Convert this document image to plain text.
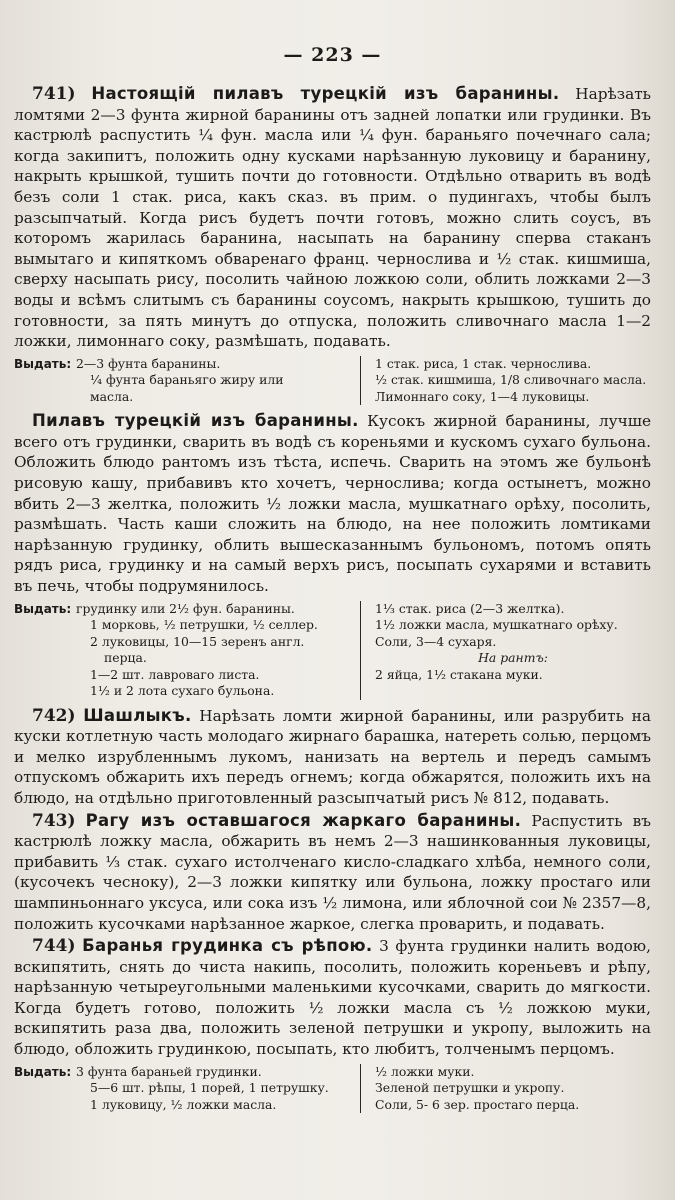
— 223 —

741) Настоящій пилавъ турецкій изъ баранины. Нарѣзать ломтями 2—3 фунта жирной баранины отъ задней лопатки или грудинки. Въ кастрюлѣ распустить ¼ фун. масла или ¼ фун. бараньяго почечнаго сала; когда закипитъ, положить одну кусками нарѣзанную луковицу и баранину, накрыть крышкой, тушить почти до готовности. Отдѣльно отварить въ водѣ безъ соли 1 стак. риса, какъ сказ. въ прим. о пудингахъ, чтобы былъ разсыпчатый. Когда рисъ будетъ почти готовъ, можно слить соусъ, въ которомъ жарилась баранина, насыпать на баранину сперва стаканъ вымытаго и кипяткомъ обваренаго франц. чернослива и ½ стак. кишмиша, сверху насыпать рису, посолить чайною ложкою соли, облить ложками 2—3 воды и всѣмъ слитымъ съ баранины соусомъ, накрыть крышкою, тушить до готовности, за пять минутъ до отпуска, положить сливочнаго масла 1—2 ложки, лимоннаго соку, размѣшать, подавать.

Выдать: 2—3 фунта баранины.
¼ фунта бараньяго жиру или
масла.
1 стак. риса, 1 стак. чернослива.
½ стак. кишмиша, 1/8 сливочнаго масла.
Лимоннаго соку, 1—4 луковицы.

Пилавъ турецкій изъ баранины. Кусокъ жирной баранины, лучше всего отъ грудинки, сварить въ водѣ съ кореньями и кускомъ сухаго бульона. Обложить блюдо рантомъ изъ тѣста, испечь. Сварить на этомъ же бульонѣ рисовую кашу, прибавивъ кто хочетъ, чернослива; когда остынетъ, можно вбить 2—3 желтка, положить ½ ложки масла, мушкатнаго орѣху, посолить, размѣшать. Часть каши сложить на блюдо, на нее положить ломтиками нарѣзанную грудинку, облить вышесказаннымъ бульономъ, потомъ опять рядъ риса, грудинку и на самый верхъ рисъ, посыпать сухарями и вставить въ печь, чтобы подрумянилось.

Выдать: грудинку или 2½ фун. баранины.
1 морковь, ½ петрушки, ½ селлер.
2 луковицы, 10—15 зеренъ англ.
перца.
1—2 шт. лавроваго листа.
1½ и 2 лота сухаго бульона.
1⅓ стак. риса (2—3 желтка).
1½ ложки масла, мушкатнаго орѣху.
Соли, 3—4 сухаря.
На рантъ:
2 яйца, 1½ стакана муки.

742) Шашлыкъ. Нарѣзать ломти жирной баранины, или разрубить на куски котлетную часть молодаго жирнаго барашка, натереть солью, перцомъ и мелко изрубленнымъ лукомъ, нанизать на вертель и передъ самымъ отпускомъ обжарить ихъ передъ огнемъ; когда обжарятся, положить ихъ на блюдо, на отдѣльно приготовленный разсыпчатый рисъ № 812, подавать.

743) Рагу изъ оставшагося жаркаго баранины. Распустить въ кастрюлѣ ложку масла, обжарить въ немъ 2—3 нашинкованныя луковицы, прибавить ⅓ стак. сухаго истолченаго кисло-сладкаго хлѣба, немного соли, (кусочекъ чесноку), 2—3 ложки кипятку или бульона, ложку простаго или шампиньоннаго уксуса, или сока изъ ½ лимона, или яблочной сои № 2357—8, положить кусочками нарѣзанное жаркое, слегка проварить, и подавать.

744) Баранья грудинка съ рѣпою. 3 фунта грудинки налить водою, вскипятить, снять до чиста накипь, посолить, положить кореньевъ и рѣпу, нарѣзанную четыреугольными маленькими кусочками, сварить до мягкости. Когда будетъ готово, положить ½ ложки масла съ ½ ложкою муки, вскипятить раза два, положить зеленой петрушки и укропу, выложить на блюдо, обложить грудинкою, посыпать, кто любитъ, толченымъ перцомъ.

Выдать: 3 фунта бараньей грудинки.
5—6 шт. рѣпы, 1 порей, 1 петрушку.
1 луковицу, ½ ложки масла.
½ ложки муки.
Зеленой петрушки и укропу.
Соли, 5- 6 зер. простаго перца.
